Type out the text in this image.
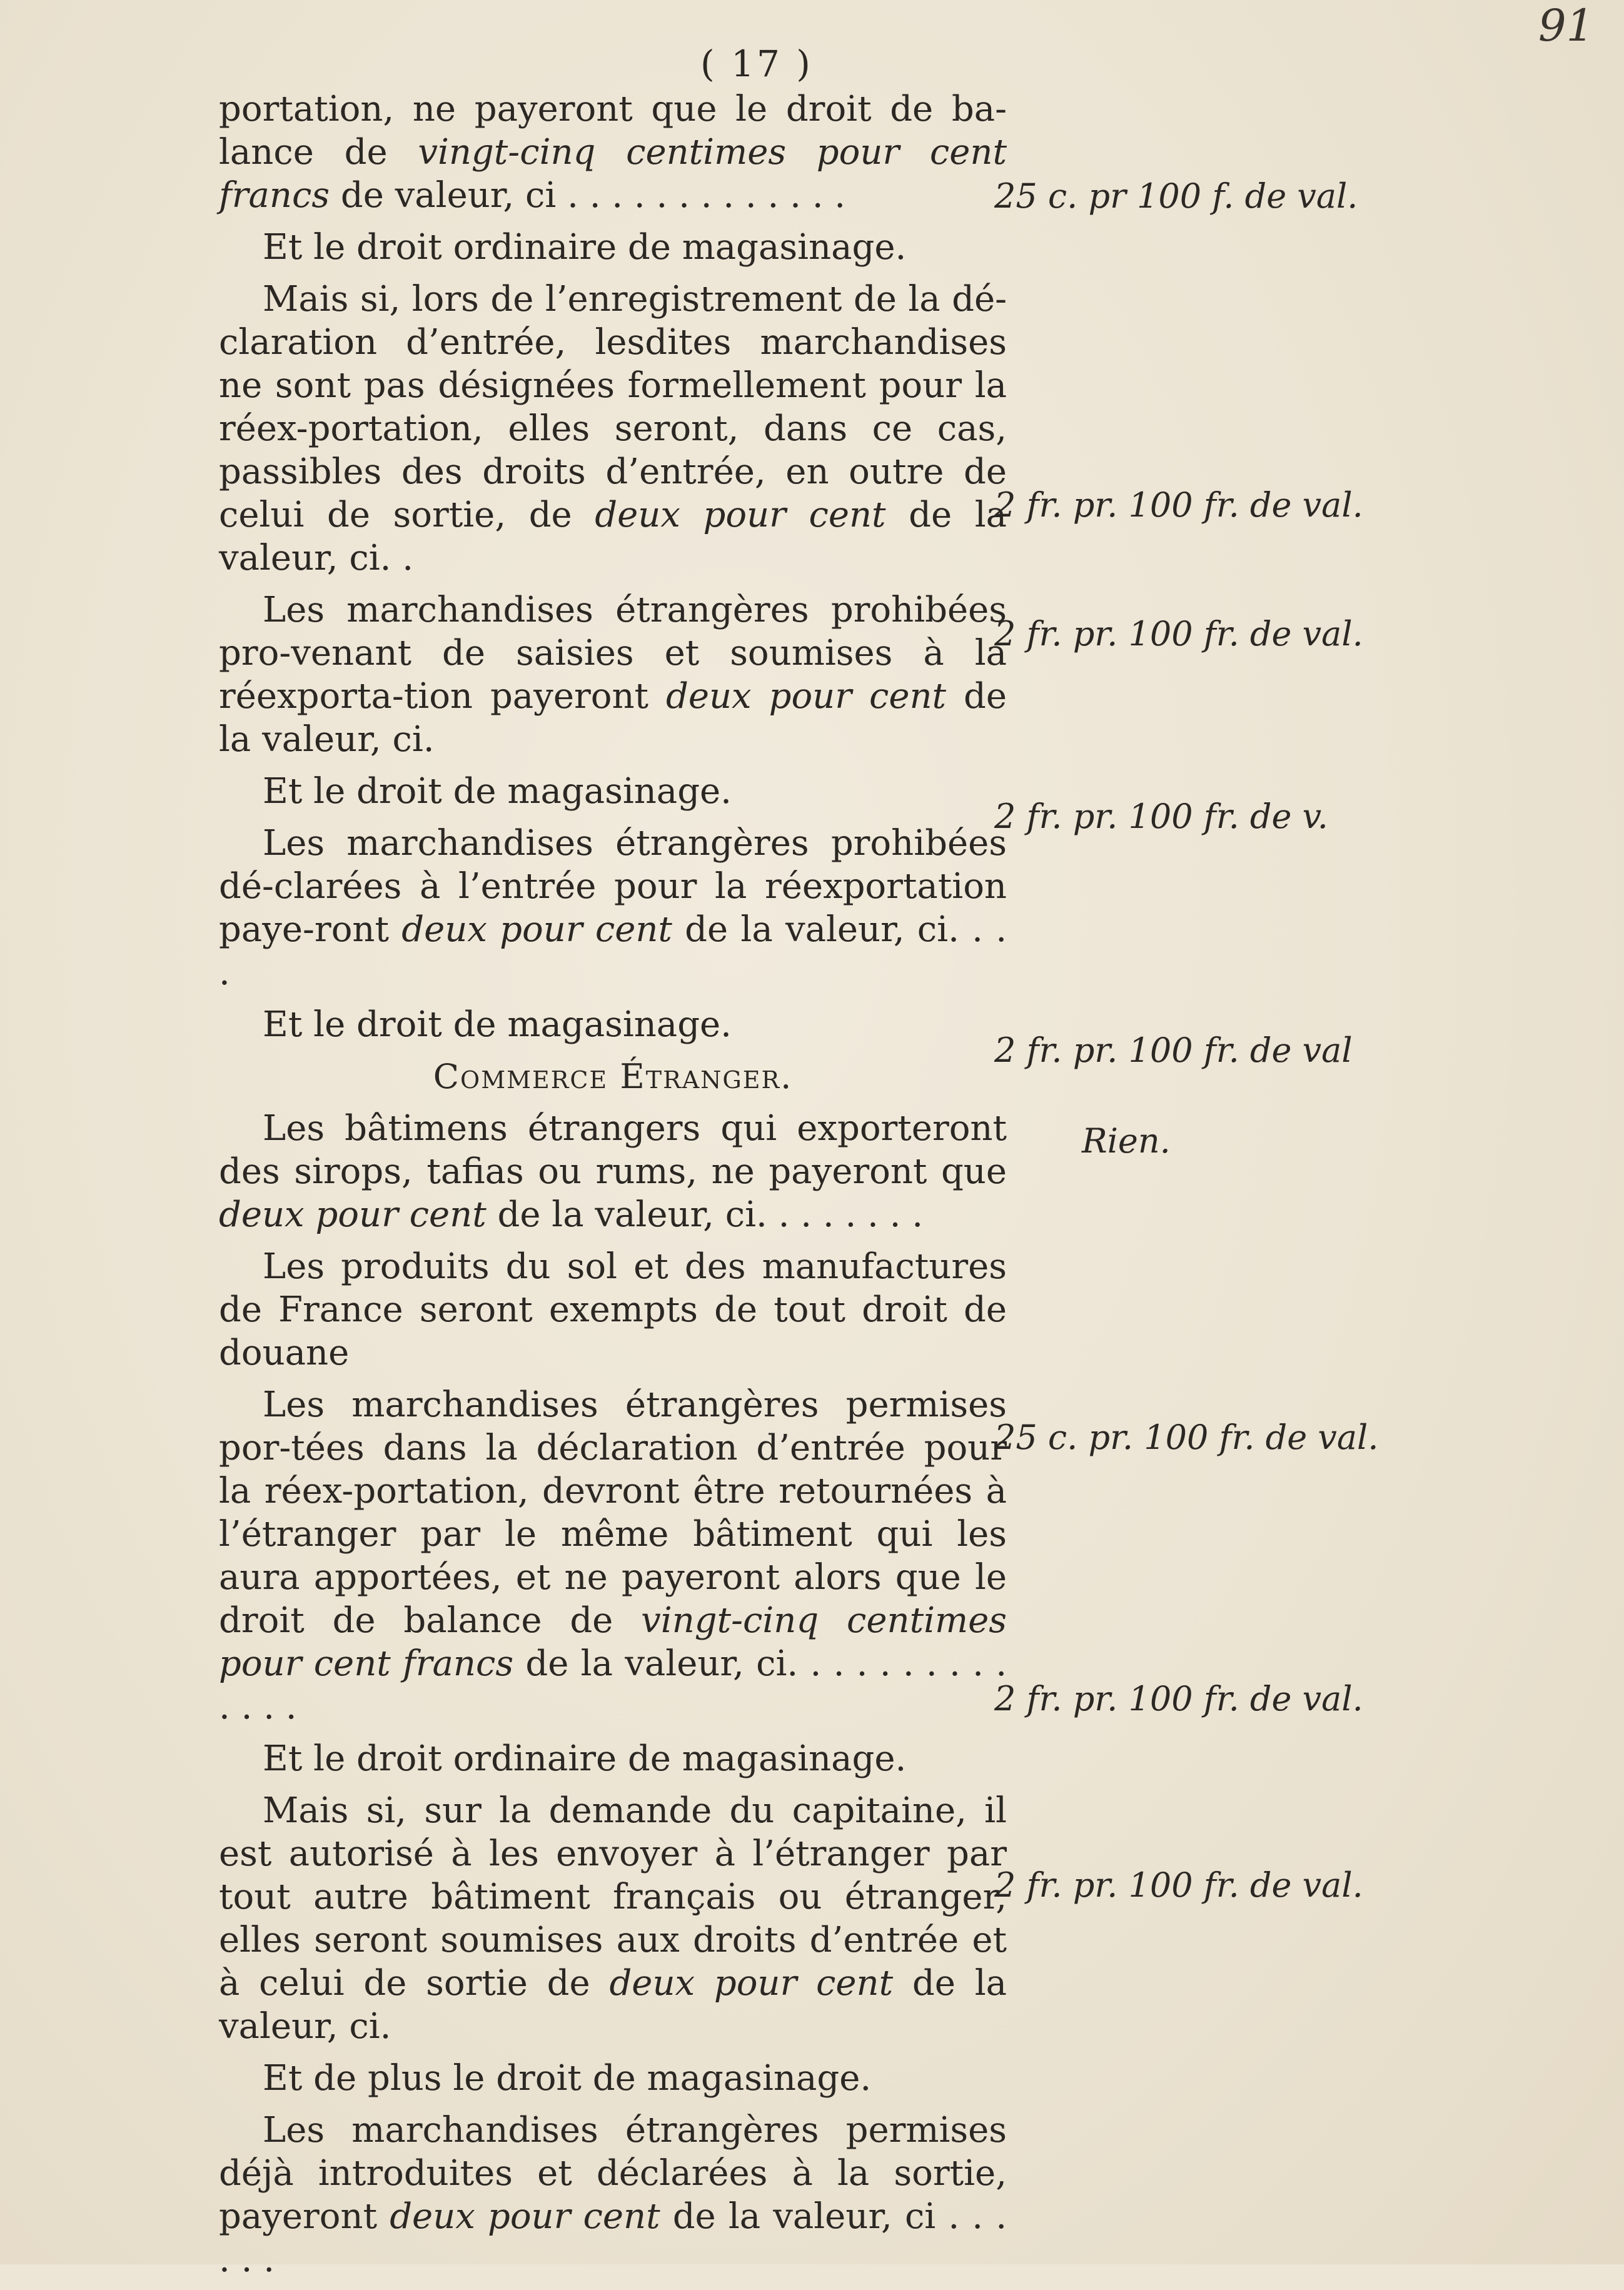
( 17 )
91

portation, ne payeront que le droit de ba-lance de vingt-cinq centimes pour cent francs de valeur, ci . . . . . . . . . . . . .

Et le droit ordinaire de magasinage.

Mais si, lors de l’enregistrement de la dé-claration d’entrée, lesdites marchandises ne sont pas désignées formellement pour la réex-portation, elles seront, dans ce cas, passibles des droits d’entrée, en outre de celui de sortie, de deux pour cent de la valeur, ci. .

Les marchandises étrangères prohibées pro-venant de saisies et soumises à la réexporta-tion payeront deux pour cent de la valeur, ci.

Et le droit de magasinage.

Les marchandises étrangères prohibées dé-clarées à l’entrée pour la réexportation paye-ront deux pour cent de la valeur, ci. . . .

Et le droit de magasinage.

Commerce Étranger.

Les bâtimens étrangers qui exporteront des sirops, tafias ou rums, ne payeront que deux pour cent de la valeur, ci. . . . . . . .

Les produits du sol et des manufactures de France seront exempts de tout droit de douane

Les marchandises étrangères permises por-tées dans la déclaration d’entrée pour la réex-portation, devront être retournées à l’étranger par le même bâtiment qui les aura apportées, et ne payeront alors que le droit de balance de vingt-cinq centimes pour cent francs de la valeur, ci. . . . . . . . . . . . . .

Et le droit ordinaire de magasinage.

Mais si, sur la demande du capitaine, il est autorisé à les envoyer à l’étranger par tout autre bâtiment français ou étranger, elles seront soumises aux droits d’entrée et à celui de sortie de deux pour cent de la valeur, ci.

Et de plus le droit de magasinage.

Les marchandises étrangères permises déjà introduites et déclarées à la sortie, payeront deux pour cent de la valeur, ci . . . . . .

25 c. pr 100 f. de val.
2 fr. pr. 100 fr. de val.
2 fr. pr. 100 fr. de val.
2 fr. pr. 100 fr. de v.
2 fr. pr. 100 fr. de val
Rien.
25 c. pr. 100 fr. de val.
2 fr. pr. 100 fr. de val.
2 fr. pr. 100 fr. de val.
